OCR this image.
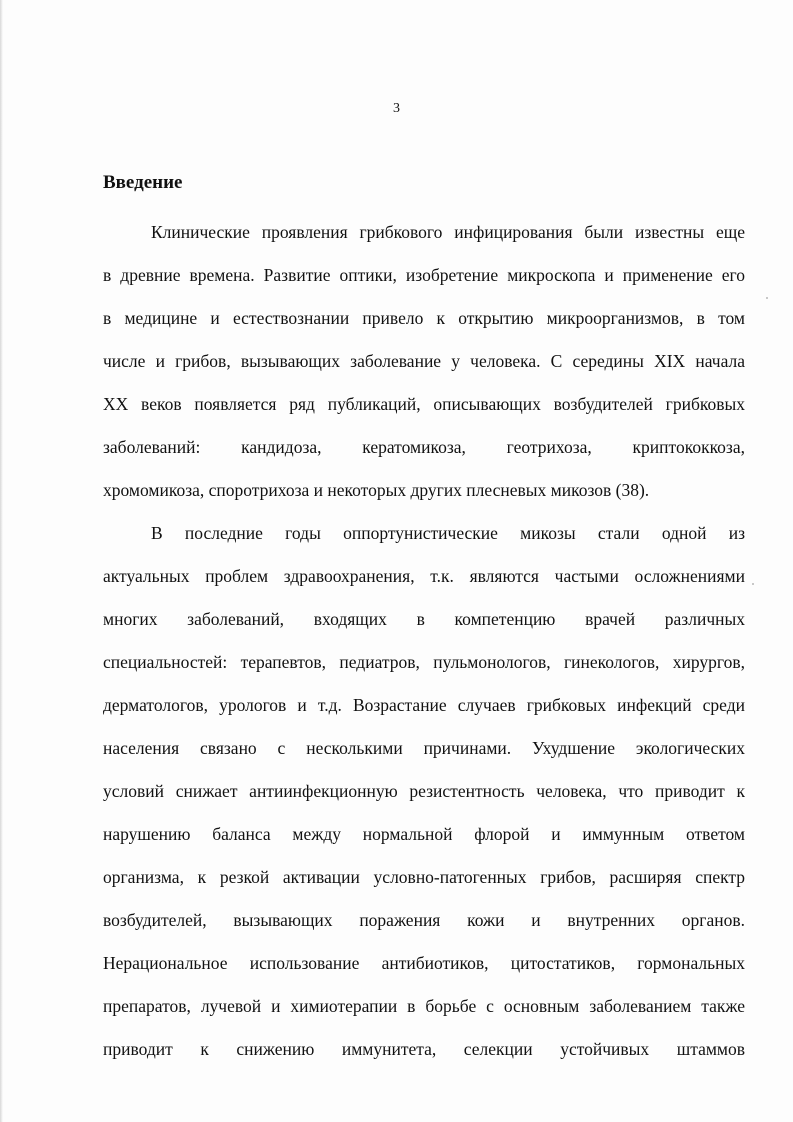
3
Введение
Клинические проявления грибкового инфицирования были известны еще
в древние времена. Развитие оптики, изобретение микроскопа и применение его
в медицине и естествознании привело к открытию микроорганизмов, в том
числе и грибов, вызывающих заболевание у человека. С середины XIX начала
XX веков появляется ряд публикаций, описывающих возбудителей грибковых
заболеваний: кандидоза, кератомикоза, геотрихоза, криптококкоза,
хромомикоза, споротрихоза и некоторых других плесневых микозов (38).
В последние годы оппортунистические микозы стали одной из
актуальных проблем здравоохранения, т.к. являются частыми осложнениями
многих заболеваний, входящих в компетенцию врачей различных
специальностей: терапевтов, педиатров, пульмонологов, гинекологов, хирургов,
дерматологов, урологов и т.д. Возрастание случаев грибковых инфекций среди
населения связано с несколькими причинами. Ухудшение экологических
условий снижает антиинфекционную резистентность человека, что приводит к
нарушению баланса между нормальной флорой и иммунным ответом
организма, к резкой активации условно-патогенных грибов, расширяя спектр
возбудителей, вызывающих поражения кожи и внутренних органов.
Нерациональное использование антибиотиков, цитостатиков, гормональных
препаратов, лучевой и химиотерапии в борьбе с основным заболеванием также
приводит к снижению иммунитета, селекции устойчивых штаммов
